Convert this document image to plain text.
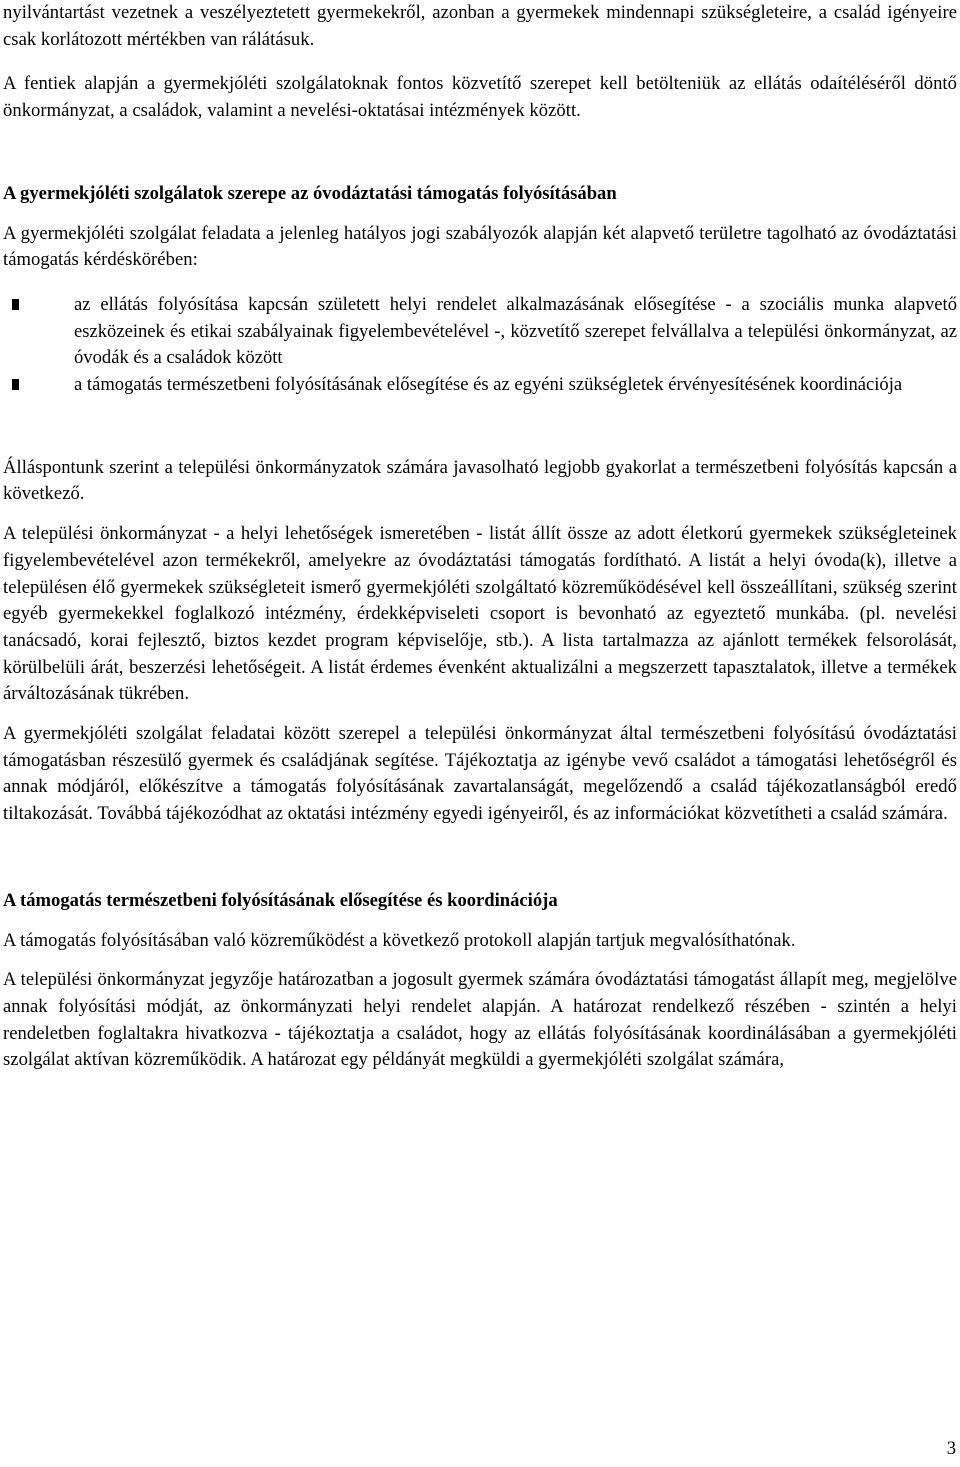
nyilvántartást vezetnek a veszélyeztetett gyermekekről, azonban a gyermekek mindennapi szükségleteire, a család igényeire csak korlátozott mértékben van rálátásuk.

A fentiek alapján a gyermekjóléti szolgálatoknak fontos közvetítő szerepet kell betölteniük az ellátás odaítéléséről döntő önkormányzat, a családok, valamint a nevelési-oktatásai intézmények között.

A gyermekjóléti szolgálatok szerepe az óvodáztatási támogatás folyósításában

A gyermekjóléti szolgálat feladata a jelenleg hatályos jogi szabályozók alapján két alapvető területre tagolható az óvodáztatási támogatás kérdéskörében:

az ellátás folyósítása kapcsán született helyi rendelet alkalmazásának elősegítése - a szociális munka alapvető eszközeinek és etikai szabályainak figyelembevételével -, közvetítő szerepet felvállalva a települési önkormányzat, az óvodák és a családok között
a támogatás természetbeni folyósításának elősegítése és az egyéni szükségletek érvényesítésének koordinációja

Álláspontunk szerint a települési önkormányzatok számára javasolható legjobb gyakorlat a természetbeni folyósítás kapcsán a következő.

A települési önkormányzat - a helyi lehetőségek ismeretében - listát állít össze az adott életkorú gyermekek szükségleteinek figyelembevételével azon termékekről, amelyekre az óvodáztatási támogatás fordítható. A listát a helyi óvoda(k), illetve a településen élő gyermekek szükségleteit ismerő gyermekjóléti szolgáltató közreműködésével kell összeállítani, szükség szerint egyéb gyermekekkel foglalkozó intézmény, érdekképviseleti csoport is bevonható az egyeztető munkába. (pl. nevelési tanácsadó, korai fejlesztő, biztos kezdet program képviselője, stb.). A lista tartalmazza az ajánlott termékek felsorolását, körülbelüli árát, beszerzési lehetőségeit. A listát érdemes évenként aktualizálni a megszerzett tapasztalatok, illetve a termékek árváltozásának tükrében.

A gyermekjóléti szolgálat feladatai között szerepel a települési önkormányzat által természetbeni folyósítású óvodáztatási támogatásban részesülő gyermek és családjának segítése. Tájékoztatja az igénybe vevő családot a támogatási lehetőségről és annak módjáról, előkészítve a támogatás folyósításának zavartalanságát, megelőzendő a család tájékozatlanságból eredő tiltakozását. Továbbá tájékozódhat az oktatási intézmény egyedi igényeiről, és az információkat közvetítheti a család számára.

A támogatás természetbeni folyósításának elősegítése és koordinációja

A támogatás folyósításában való közreműködést a következő protokoll alapján tartjuk megvalósíthatónak.

A települési önkormányzat jegyzője határozatban a jogosult gyermek számára óvodáztatási támogatást állapít meg, megjelölve annak folyósítási módját, az önkormányzati helyi rendelet alapján. A határozat rendelkező részében - szintén a helyi rendeletben foglaltakra hivatkozva - tájékoztatja a családot, hogy az ellátás folyósításának koordinálásában a gyermekjóléti szolgálat aktívan közreműködik. A határozat egy példányát megküldi a gyermekjóléti szolgálat számára,

3
